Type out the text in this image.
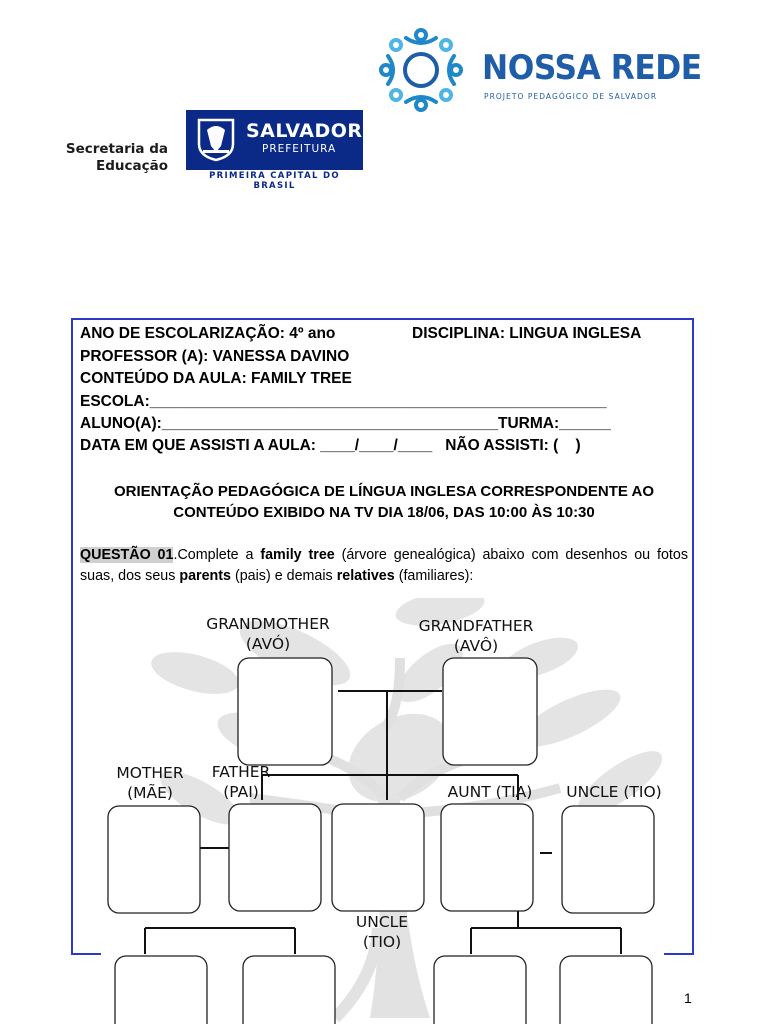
Secretaria da
Educação
SALVADOR
PREFEITURA
PRIMEIRA CAPITAL DO BRASIL
NOSSA REDE
PROJETO PEDAGÓGICO DE SALVADOR
ANO DE ESCOLARIZAÇÃO: 4º ano	DISCIPLINA: LINGUA INGLESA
PROFESSOR (A): VANESSA DAVINO
CONTEÚDO DA AULA: FAMILY TREE
ESCOLA:_____________________________________________________
ALUNO(A):_______________________________________TURMA:______
DATA EM QUE ASSISTI A AULA: ____/____/____   NÃO ASSISTI: (    )
ORIENTAÇÃO PEDAGÓGICA DE LÍNGUA INGLESA CORRESPONDENTE AO
CONTEÚDO EXIBIDO NA TV DIA 18/06, DAS 10:00 ÀS 10:30
QUESTÃO 01.Complete a family tree (árvore genealógica) abaixo com desenhos ou fotos suas, dos seus parents (pais) e demais relatives (familiares):
GRANDMOTHER
(AVÓ)
GRANDFATHER
(AVÔ)
MOTHER
(MÃE)
FATHER
(PAI)	AUNT (TIA)	UNCLE (TIO)
UNCLE
(TIO)
1
